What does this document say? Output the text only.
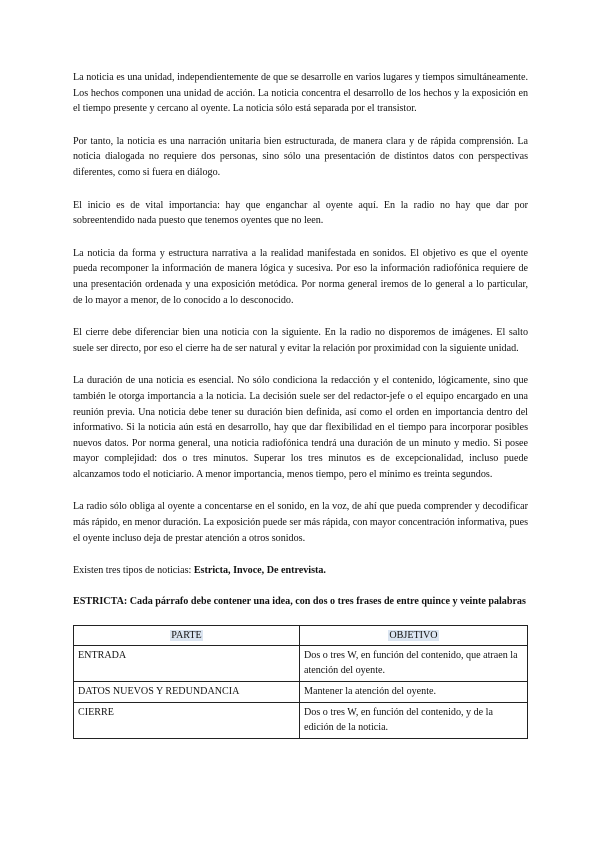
La noticia es una unidad, independientemente de que se desarrolle en varios lugares y tiempos simultáneamente. Los hechos componen una unidad de acción. La noticia concentra el desarrollo de los hechos y la exposición en el tiempo presente y cercano al oyente. La noticia sólo está separada por el transistor.

Por tanto, la noticia es una narración unitaria bien estructurada, de manera clara y de rápida comprensión. La noticia dialogada no requiere dos personas, sino sólo una presentación de distintos datos con perspectivas diferentes, como si fuera en diálogo.

El inicio es de vital importancia: hay que enganchar al oyente aquí. En la radio no hay que dar por sobreentendido nada puesto que tenemos oyentes que no leen.

La noticia da forma y estructura narrativa a la realidad manifestada en sonidos. El objetivo es que el oyente pueda recomponer la información de manera lógica y sucesiva. Por eso la información radiofónica requiere de una presentación ordenada y una exposición metódica. Por norma general iremos de lo general a lo particular, de lo mayor a menor, de lo conocido a lo desconocido.

El cierre debe diferenciar bien una noticia con la siguiente. En la radio no disporemos de imágenes. El salto suele ser directo, por eso el cierre ha de ser natural y evitar la relación por proximidad con la siguiente unidad.

La duración de una noticia es esencial. No sólo condiciona la redacción y el contenido, lógicamente, sino que también le otorga importancia a la noticia. La decisión suele ser del redactor-jefe o el equipo encargado en una reunión previa. Una noticia debe tener su duración bien definida, así como el orden en importancia dentro del informativo. Si la noticia aún está en desarrollo, hay que dar flexibilidad en el tiempo para incorporar posibles nuevos datos. Por norma general, una noticia radiofónica tendrá una duración de un minuto y medio. Si posee mayor complejidad: dos o tres minutos. Superar los tres minutos es de excepcionalidad, incluso puede alcanzamos todo el noticiario. A menor importancia, menos tiempo, pero el mínimo es treinta segundos.

La radio sólo obliga al oyente a concentarse en el sonido, en la voz, de ahí que pueda comprender y decodificar más rápido, en menor duración. La exposición puede ser más rápida, con mayor concentración informativa, pues el oyente incluso deja de prestar atención a otros sonidos.

Existen tres tipos de noticias: Estricta, Invoce, De entrevista.

ESTRICTA: Cada párrafo debe contener una idea, con dos o tres frases de entre quince y veinte palabras

PARTE	OBJETIVO
ENTRADA	Dos o tres W, en función del contenido, que atraen la atención del oyente.
DATOS NUEVOS Y REDUNDANCIA	Mantener la atención del oyente.
CIERRE	Dos o tres W, en función del contenido, y de la edición de la noticia.
